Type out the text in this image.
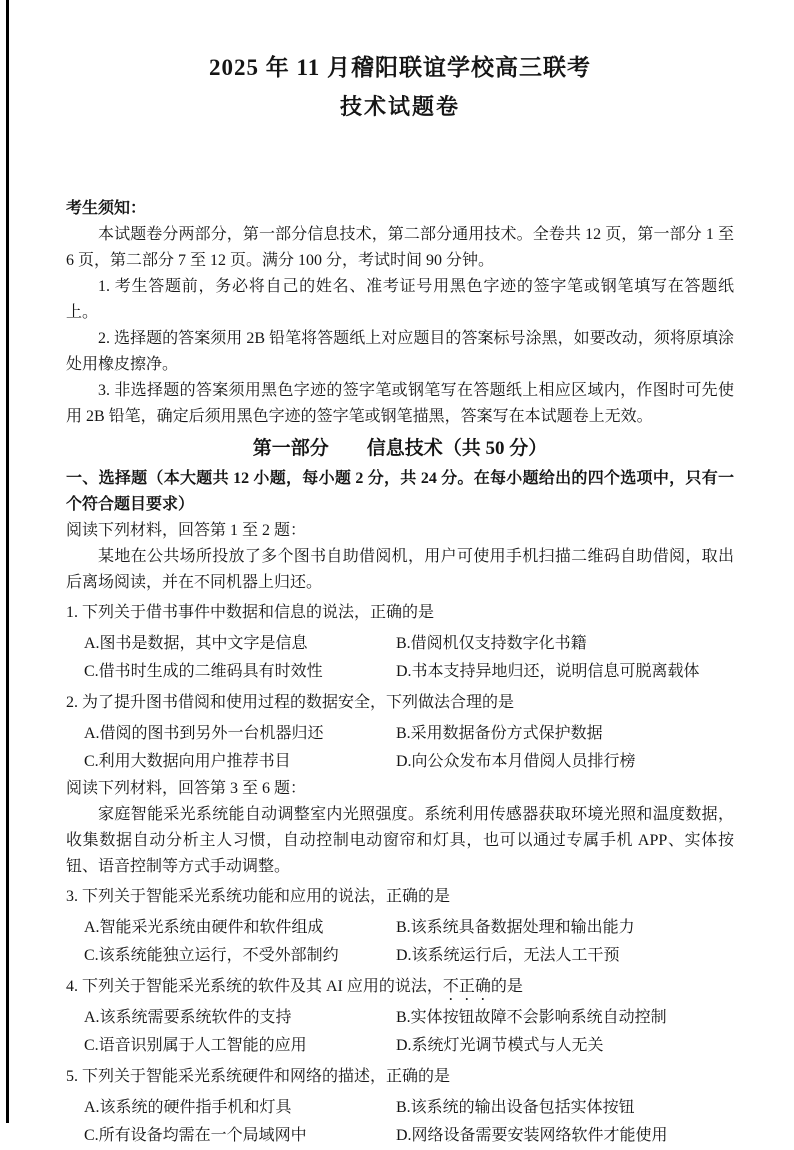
2025 年 11 月稽阳联谊学校高三联考
技术试题卷
考生须知：

本试题卷分两部分，第一部分信息技术，第二部分通用技术。全卷共 12 页，第一部分 1 至 6 页，第二部分 7 至 12 页。满分 100 分，考试时间 90 分钟。

1. 考生答题前，务必将自己的姓名、准考证号用黑色字迹的签字笔或钢笔填写在答题纸上。

2. 选择题的答案须用 2B 铅笔将答题纸上对应题目的答案标号涂黑，如要改动，须将原填涂处用橡皮擦净。

3. 非选择题的答案须用黑色字迹的签字笔或钢笔写在答题纸上相应区域内，作图时可先使用 2B 铅笔，确定后须用黑色字迹的签字笔或钢笔描黑，答案写在本试题卷上无效。

第一部分　　信息技术（共 50 分）

一、选择题（本大题共 12 小题，每小题 2 分，共 24 分。在每小题给出的四个选项中，只有一个符合题目要求）

阅读下列材料，回答第 1 至 2 题：

某地在公共场所投放了多个图书自助借阅机，用户可使用手机扫描二维码自助借阅，取出后离场阅读，并在不同机器上归还。

1. 下列关于借书事件中数据和信息的说法，正确的是

A.图书是数据，其中文字是信息	B.借阅机仅支持数字化书籍
C.借书时生成的二维码具有时效性	D.书本支持异地归还，说明信息可脱离载体

2. 为了提升图书借阅和使用过程的数据安全，下列做法合理的是

A.借阅的图书到另外一台机器归还	B.采用数据备份方式保护数据
C.利用大数据向用户推荐书目	D.向公众发布本月借阅人员排行榜

阅读下列材料，回答第 3 至 6 题：

家庭智能采光系统能自动调整室内光照强度。系统利用传感器获取环境光照和温度数据，收集数据自动分析主人习惯，自动控制电动窗帘和灯具，也可以通过专属手机 APP、实体按钮、语音控制等方式手动调整。

3. 下列关于智能采光系统功能和应用的说法，正确的是

A.智能采光系统由硬件和软件组成	B.该系统具备数据处理和输出能力
C.该系统能独立运行，不受外部制约	D.该系统运行后，无法人工干预

4. 下列关于智能采光系统的软件及其 AI 应用的说法，不正确的是

A.该系统需要系统软件的支持	B.实体按钮故障不会影响系统自动控制
C.语音识别属于人工智能的应用	D.系统灯光调节模式与人无关

5. 下列关于智能采光系统硬件和网络的描述，正确的是

A.该系统的硬件指手机和灯具	B.该系统的输出设备包括实体按钮
C.所有设备均需在一个局域网中	D.网络设备需要安装网络软件才能使用
